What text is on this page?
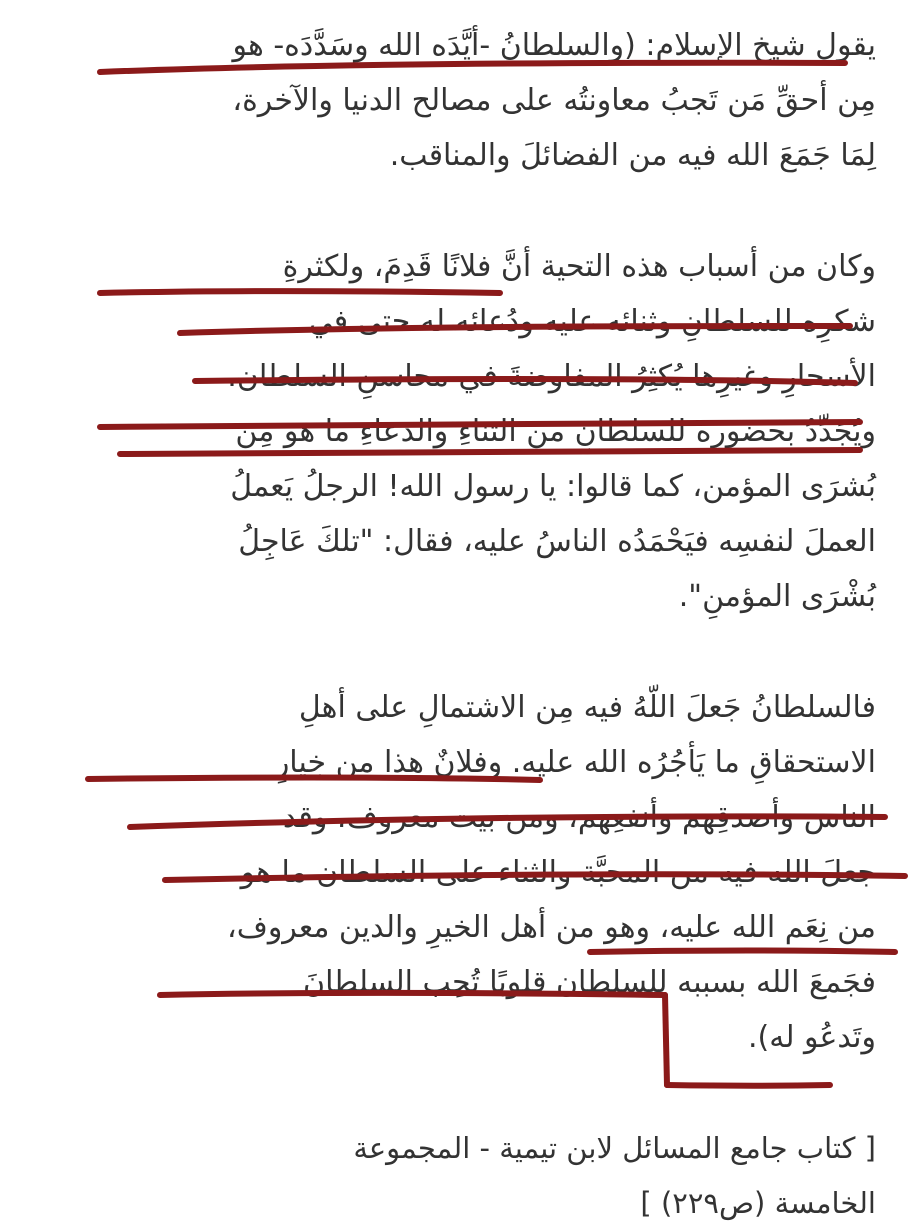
يقول شيخ الإسلام: (والسلطانُ -أيَّدَه الله وسَدَّدَه- هو
مِن أحقِّ مَن تَجبُ معاونتُه على مصالح الدنيا والآخرة،
لِمَا جَمَعَ الله فيه من الفضائلَ والمناقب.
وكان من أسباب هذه التحية أنَّ فلانًا قَدِمَ، ولكثرةِ
شكرِه للسلطانِ وثنائه عليه ودُعائه له حتى في
الأسحارِ وغيرِها يُكثِرُ المفاوضةَ في محاسنِ السلطان،
ويُجَدِّدُ بحضوره للسلطانِ من الثناءِ والدعاءِ ما هو مِن
بُشرَى المؤمن، كما قالوا: يا رسول الله! الرجلُ يَعملُ
العملَ لنفسِه فيَحْمَدُه الناسُ عليه، فقال: "تلكَ عَاجِلُ
بُشْرَى المؤمنِ".
فالسلطانُ جَعلَ اللّهُ فيه مِن الاشتمالِ على أهلِ
الاستحقاقِ ما يَأجُرُه الله عليه. وفلانٌ هذا من خِيارِ
الناس وأصدقِهم وأنفعِهم، ومن بيت معروف، وقد
جعلَ الله فيه من المحبَّة والثناء على السلطان ما هو
من نِعَم الله عليه، وهو من أهل الخيرِ والدين معروف،
فجَمعَ الله بسببه للسلطان قلوبًا تُحِب السلطانَ
وتَدعُو له).
[ كتاب جامع المسائل لابن تيمية - المجموعة
الخامسة (ص٢٢٩) ]
